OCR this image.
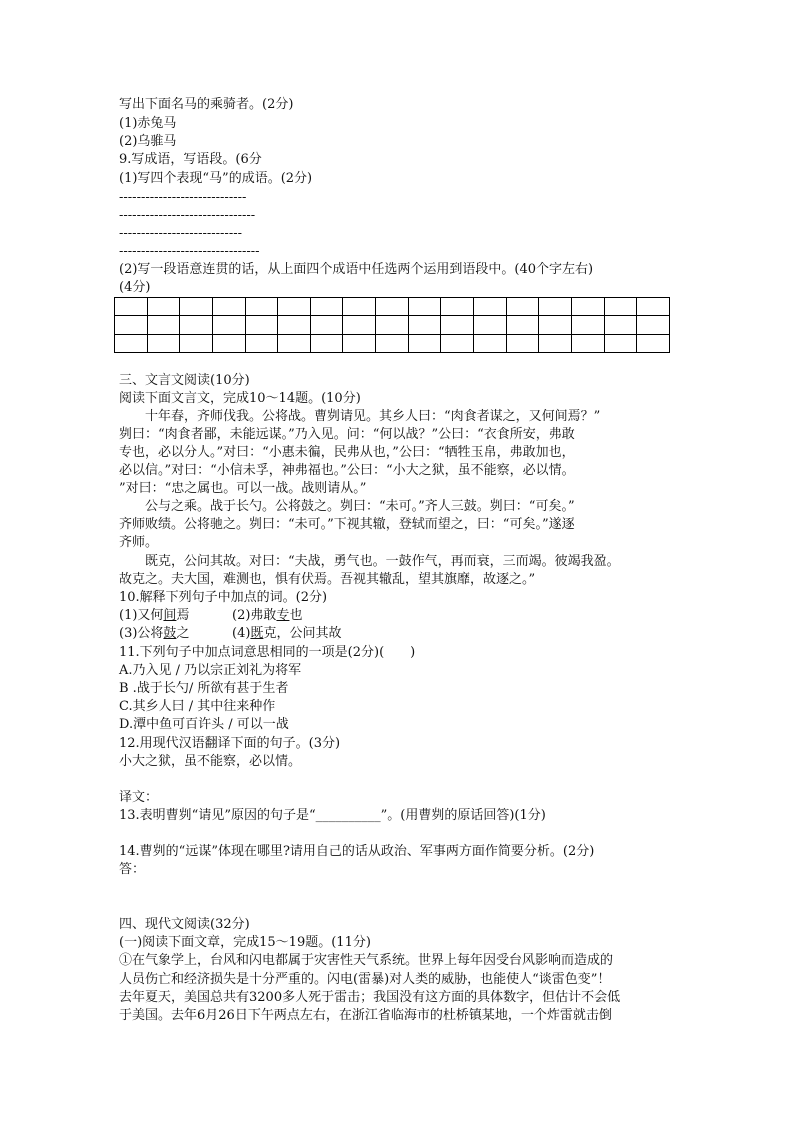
写出下面名马的乘骑者。(2分)
(1)赤兔马
(2)乌骓马
9.写成语，写语段。(6分
(1)写四个表现“马”的成语。(2分)
-----------------------------
-------------------------------
----------------------------
--------------------------------
(2)写一段语意连贯的话，从上面四个成语中任选两个运用到语段中。(40个字左右)
(4分)

三、文言文阅读(10分)
阅读下面文言文，完成10～14题。(10分)
　　十年春，齐师伐我。公将战。曹刿请见。其乡人曰：“肉食者谋之，又何间焉？”
刿曰：“肉食者鄙，未能远谋。”乃入见。问：“何以战？”公曰：“衣食所安，弗敢
专也，必以分人。”对曰：“小惠未徧，民弗从也，”公曰：“牺牲玉帛，弗敢加也，
必以信。”对曰：“小信未孚，神弗福也。”公曰：“小大之狱，虽不能察，必以情。
”对曰：“忠之属也。可以一战。战则请从。”
　　公与之乘。战于长勺。公将鼓之。刿曰：“未可。”齐人三鼓。刿曰：“可矣。”
齐师败绩。公将驰之。刿曰：“未可。”下视其辙，登轼而望之，曰：“可矣。”遂逐
齐师。
　　既克，公问其故。对曰：“夫战，勇气也。一鼓作气，再而衰，三而竭。彼竭我盈。
故克之。夫大国，难测也，惧有伏焉。吾视其辙乱，望其旗靡，故逐之。”
10.解释下列句子中加点的词。(2分)
(1)又何间焉	(2)弗敢专也
(3)公将鼓之	(4)既克，公问其故
11.下列句子中加点词意思相同的一项是(2分)(　　)
A.乃入见 / 乃以宗正刘礼为将军
B .战于长勺/ 所欲有甚于生者
C.其乡人曰 / 其中往来种作
D.潭中鱼可百许头 / 可以一战
12.用现代汉语翻译下面的句子。(3分)
小大之狱，虽不能察，必以情。
译文：
13.表明曹刿“请见”原因的句子是“__________”。(用曹刿的原话回答)(1分)
14.曹刿的“远谋”体现在哪里?请用自己的话从政治、军事两方面作简要分析。(2分)
答：
四、现代文阅读(32分)
(一)阅读下面文章，完成15～19题。(11分)
①在气象学上，台风和闪电都属于灾害性天气系统。世界上每年因受台风影响而造成的
人员伤亡和经济损失是十分严重的。闪电(雷暴)对人类的威胁，也能使人“谈雷色变”！
去年夏天，美国总共有3200多人死于雷击；我国没有这方面的具体数字，但估计不会低
于美国。去年6月26日下午两点左右，在浙江省临海市的杜桥镇某地，一个炸雷就击倒
